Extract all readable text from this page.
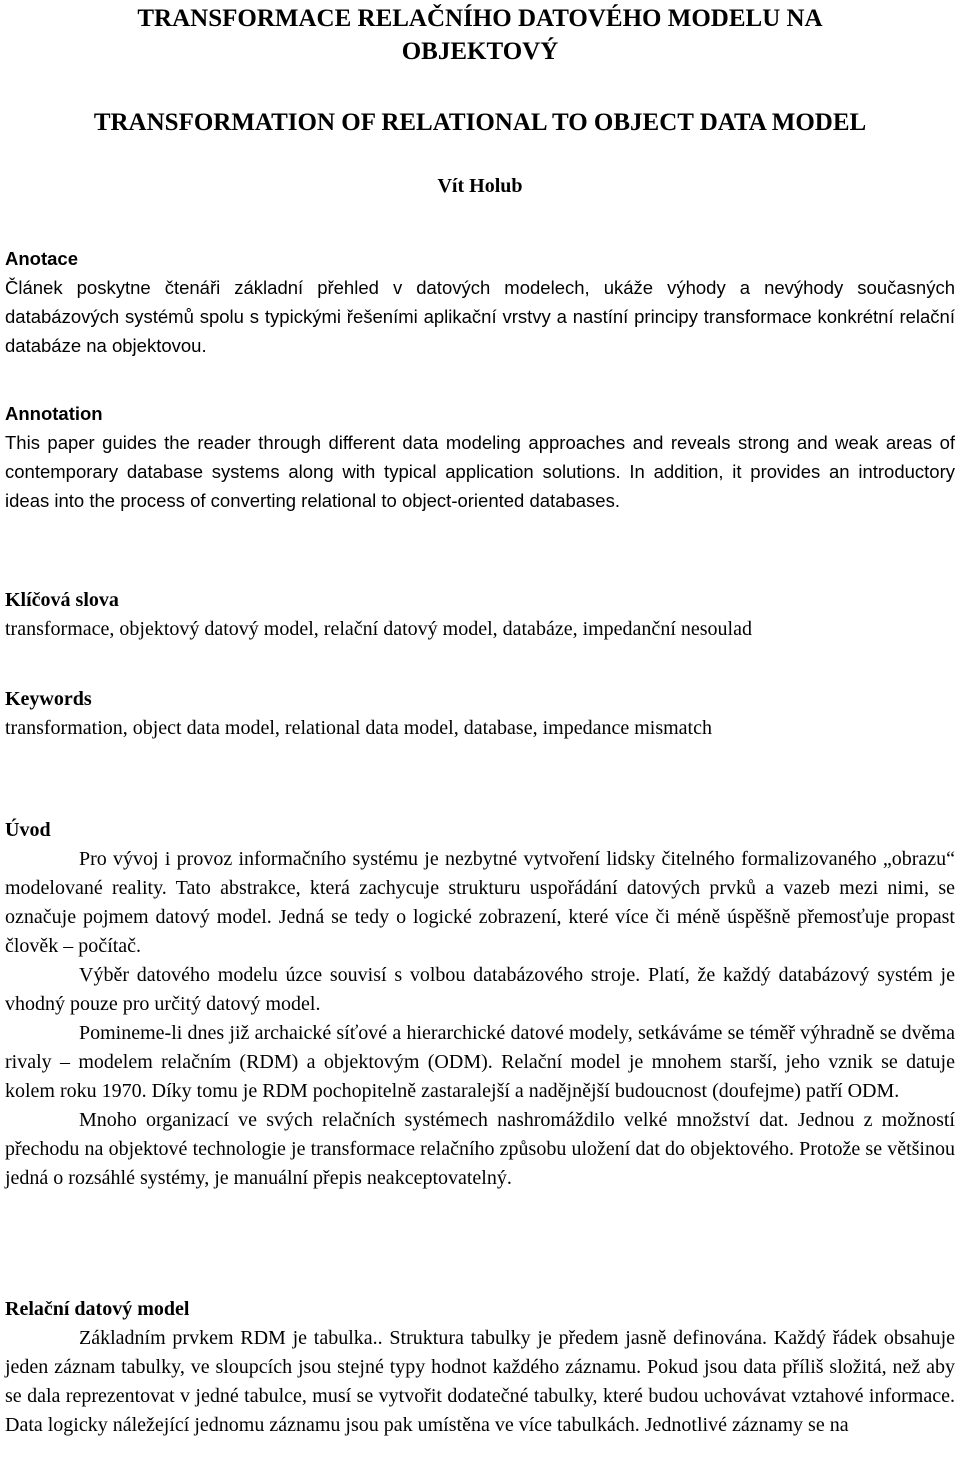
TRANSFORMACE RELAČNÍHO DATOVÉHO MODELU NA
OBJEKTOVÝ
TRANSFORMATION OF RELATIONAL TO OBJECT DATA MODEL

Vít Holub

Anotace

Článek poskytne čtenáři základní přehled v datových modelech, ukáže výhody a nevýhody současných databázových systémů spolu s typickými řešeními aplikační vrstvy a nastíní principy transformace konkrétní relační databáze na objektovou.

Annotation

This paper guides the reader through different data modeling approaches and reveals strong and weak areas of contemporary database systems along with typical application solutions. In addition, it provides an introductory ideas into the process of converting relational to object-oriented databases.

Klíčová slova

transformace, objektový datový model, relační datový model, databáze, impedanční nesoulad

Keywords

transformation, object data model, relational data model, database, impedance mismatch

Úvod

Pro vývoj i provoz informačního systému je nezbytné vytvoření lidsky čitelného formalizovaného „obrazu“ modelované reality. Tato abstrakce, která zachycuje strukturu uspořádání datových prvků a vazeb mezi nimi, se označuje pojmem datový model. Jedná se tedy o logické zobrazení, které více či méně úspěšně přemosťuje propast člověk – počítač.

Výběr datového modelu úzce souvisí s volbou databázového stroje. Platí, že každý databázový systém je vhodný pouze pro určitý datový model.

Pomineme-li dnes již archaické síťové a hierarchické datové modely, setkáváme se téměř výhradně se dvěma rivaly – modelem relačním (RDM) a objektovým (ODM). Relační model je mnohem starší, jeho vznik se datuje kolem roku 1970. Díky tomu je RDM pochopitelně zastaralejší a nadějnější budoucnost (doufejme) patří ODM.

Mnoho organizací ve svých relačních systémech nashromáždilo velké množství dat. Jednou z možností přechodu na objektové technologie je transformace relačního způsobu uložení dat do objektového. Protože se většinou jedná o rozsáhlé systémy, je manuální přepis neakceptovatelný.

Relační datový model

Základním prvkem RDM je tabulka.. Struktura tabulky je předem jasně definována. Každý řádek obsahuje jeden záznam tabulky, ve sloupcích jsou stejné typy hodnot každého záznamu. Pokud jsou data příliš složitá, než aby se dala reprezentovat v jedné tabulce, musí se vytvořit dodatečné tabulky, které budou uchovávat vztahové informace. Data logicky náležející jednomu záznamu jsou pak umístěna ve více tabulkách. Jednotlivé záznamy se na
